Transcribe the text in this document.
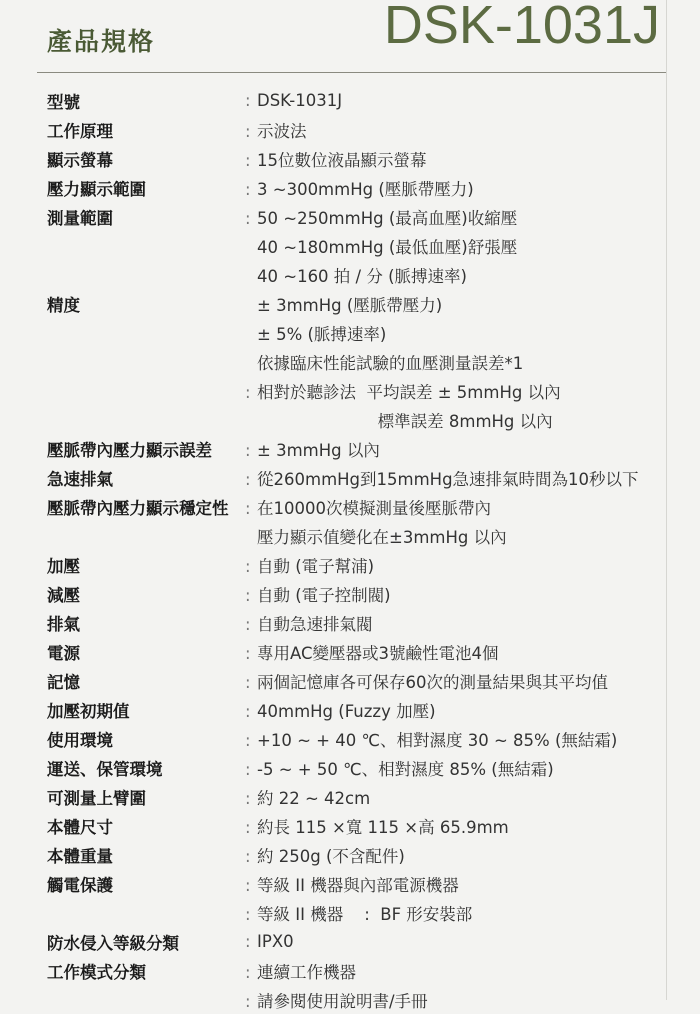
產品規格	DSK-1031J
型號	: DSK-1031J
工作原理	: 示波法
顯示螢幕	: 15位數位液晶顯示螢幕
壓力顯示範圍	: 3 ~300mmHg (壓脈帶壓力)
測量範圍	: 50 ~250mmHg (最高血壓)收縮壓
40 ~180mmHg (最低血壓)舒張壓
40 ~160 拍 / 分 (脈搏速率)
精度	± 3mmHg (壓脈帶壓力)
± 5% (脈搏速率)
依據臨床性能試驗的血壓測量誤差*1
: 相對於聽診法  平均誤差 ± 5mmHg 以內
標準誤差 8mmHg 以內
壓脈帶內壓力顯示誤差	: ± 3mmHg 以內
急速排氣	: 從260mmHg到15mmHg急速排氣時間為10秒以下
壓脈帶內壓力顯示穩定性	: 在10000次模擬測量後壓脈帶內
壓力顯示值變化在±3mmHg 以內
加壓	: 自動 (電子幫浦)
減壓	: 自動 (電子控制閥)
排氣	: 自動急速排氣閥
電源	: 專用AC變壓器或3號鹼性電池4個
記憶	: 兩個記憶庫各可保存60次的測量結果與其平均值
加壓初期值	: 40mmHg (Fuzzy 加壓)
使用環境	: +10 ~ + 40 ℃、相對濕度 30 ~ 85% (無結霜)
運送、保管環境	: -5 ~ + 50 ℃、相對濕度 85% (無結霜)
可測量上臂圍	: 約 22 ~ 42cm
本體尺寸	: 約長 115 ×寬 115 ×高 65.9mm
本體重量	: 約 250g (不含配件)
觸電保護	: 等級 II 機器與內部電源機器
: 等級 II 機器    :  BF 形安裝部
防水侵入等級分類	: IPX0
工作模式分類	: 連續工作機器
: 請參閱使用說明書/手冊
